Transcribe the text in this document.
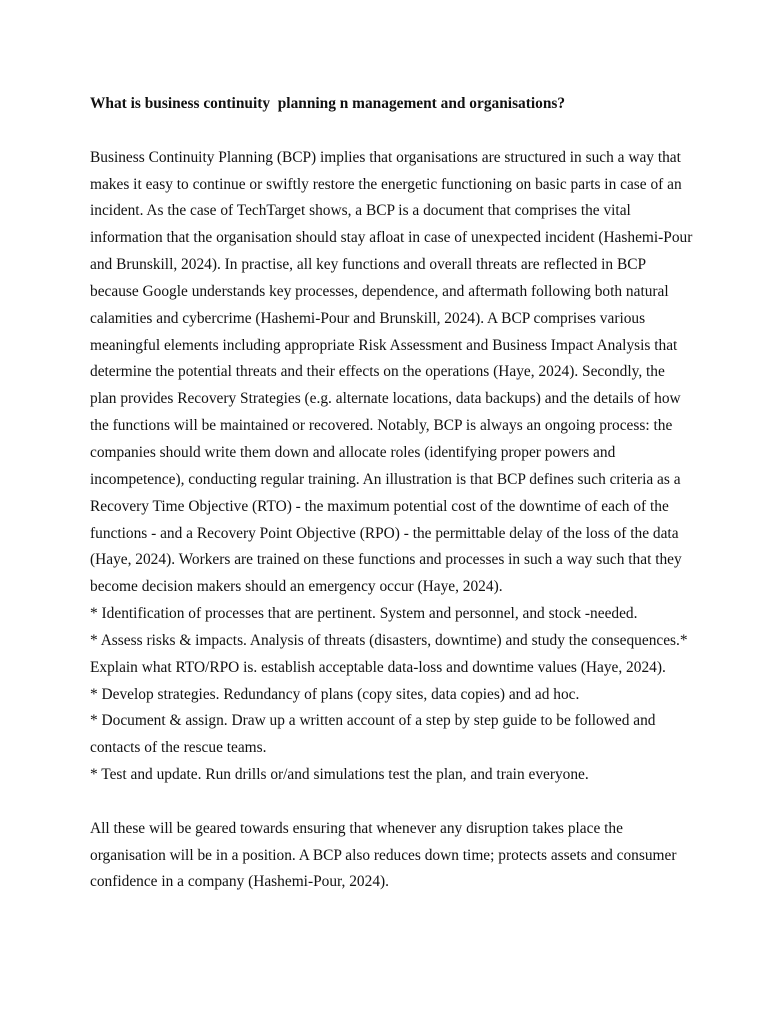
What is business continuity  planning n management and organisations?

Business Continuity Planning (BCP) implies that organisations are structured in such a way that makes it easy to continue or swiftly restore the energetic functioning on basic parts in case of an incident. As the case of TechTarget shows, a BCP is a document that comprises the vital information that the organisation should stay afloat in case of unexpected incident (Hashemi-Pour and Brunskill, 2024). In practise, all key functions and overall threats are reflected in BCP because Google understands key processes, dependence, and aftermath following both natural calamities and cybercrime (Hashemi-Pour and Brunskill, 2024). A BCP comprises various meaningful elements including appropriate Risk Assessment and Business Impact Analysis that determine the potential threats and their effects on the operations (Haye, 2024). Secondly, the plan provides Recovery Strategies (e.g. alternate locations, data backups) and the details of how the functions will be maintained or recovered. Notably, BCP is always an ongoing process: the companies should write them down and allocate roles (identifying proper powers and incompetence), conducting regular training. An illustration is that BCP defines such criteria as a Recovery Time Objective (RTO) - the maximum potential cost of the downtime of each of the functions - and a Recovery Point Objective (RPO) - the permittable delay of the loss of the data (Haye, 2024). Workers are trained on these functions and processes in such a way such that they become decision makers should an emergency occur (Haye, 2024).

* Identification of processes that are pertinent. System and personnel, and stock -needed.

* Assess risks & impacts. Analysis of threats (disasters, downtime) and study the consequences.* Explain what RTO/RPO is. establish acceptable data-loss and downtime values (Haye, 2024).

* Develop strategies. Redundancy of plans (copy sites, data copies) and ad hoc.

* Document & assign. Draw up a written account of a step by step guide to be followed and contacts of the rescue teams.

* Test and update. Run drills or/and simulations test the plan, and train everyone.

All these will be geared towards ensuring that whenever any disruption takes place the organisation will be in a position. A BCP also reduces down time; protects assets and consumer confidence in a company (Hashemi-Pour, 2024).
